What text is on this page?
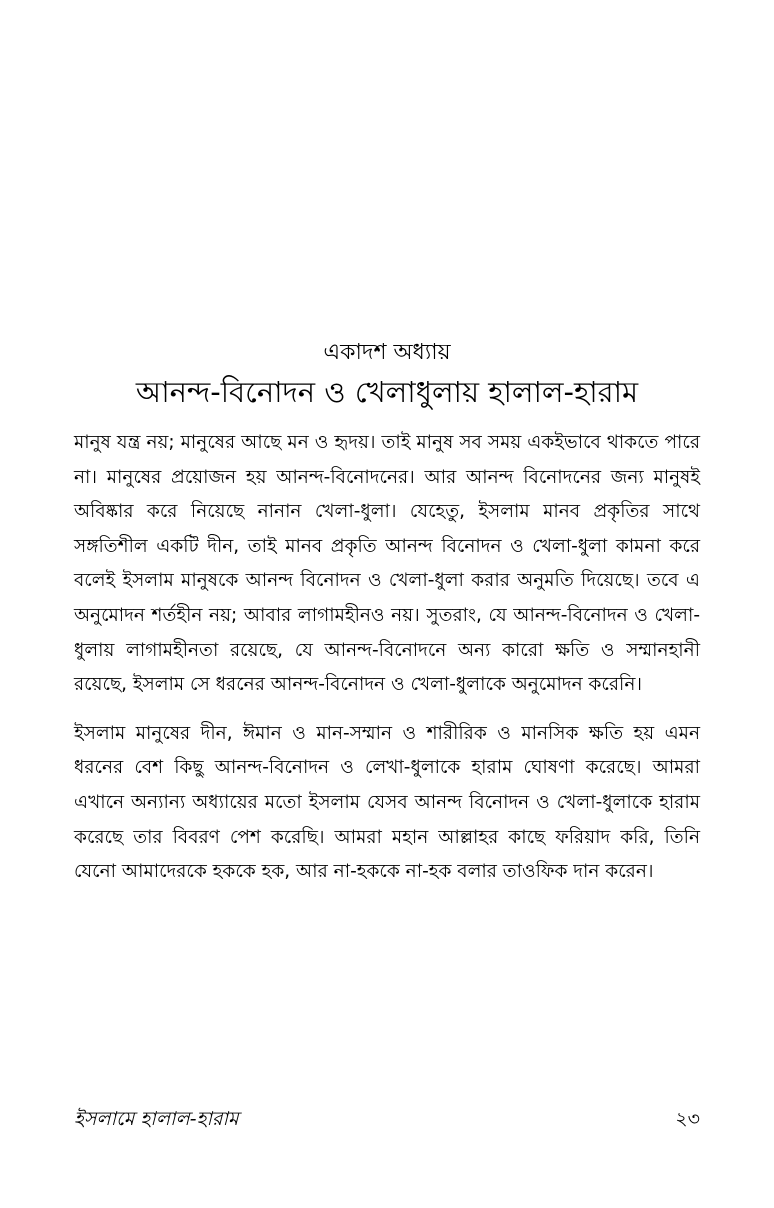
একাদশ অধ্যায়
আনন্দ-বিনোদন ও খেলাধুলায় হালাল-হারাম

মানুষ যন্ত্র নয়; মানুষের আছে মন ও হৃদয়। তাই মানুষ সব সময় একইভাবে থাকতে পারে না। মানুষের প্রয়োজন হয় আনন্দ-বিনোদনের। আর আনন্দ বিনোদনের জন্য মানুষই অবিষ্কার করে নিয়েছে নানান খেলা-ধুলা। যেহেতু, ইসলাম মানব প্রকৃতির সাথে সঙ্গতিশীল একটি দীন, তাই মানব প্রকৃতি আনন্দ বিনোদন ও খেলা-ধুলা কামনা করে বলেই ইসলাম মানুষকে আনন্দ বিনোদন ও খেলা-ধুলা করার অনুমতি দিয়েছে। তবে এ অনুমোদন শর্তহীন নয়; আবার লাগামহীনও নয়। সুতরাং, যে আনন্দ-বিনোদন ও খেলা-ধুলায় লাগামহীনতা রয়েছে, যে আনন্দ-বিনোদনে অন্য কারো ক্ষতি ও সম্মানহানী রয়েছে, ইসলাম সে ধরনের আনন্দ-বিনোদন ও খেলা-ধুলাকে অনুমোদন করেনি।

ইসলাম মানুষের দীন, ঈমান ও মান-সম্মান ও শারীরিক ও মানসিক ক্ষতি হয় এমন ধরনের বেশ কিছু আনন্দ-বিনোদন ও লেখা-ধুলাকে হারাম ঘোষণা করেছে। আমরা এখানে অন্যান্য অধ্যায়ের মতো ইসলাম যেসব আনন্দ বিনোদন ও খেলা-ধুলাকে হারাম করেছে তার বিবরণ পেশ করেছি। আমরা মহান আল্লাহর কাছে ফরিয়াদ করি, তিনি যেনো আমাদেরকে হককে হক, আর না-হককে না-হক বলার তাওফিক দান করেন।

ইসলামে হালাল-হারাম	২৩
